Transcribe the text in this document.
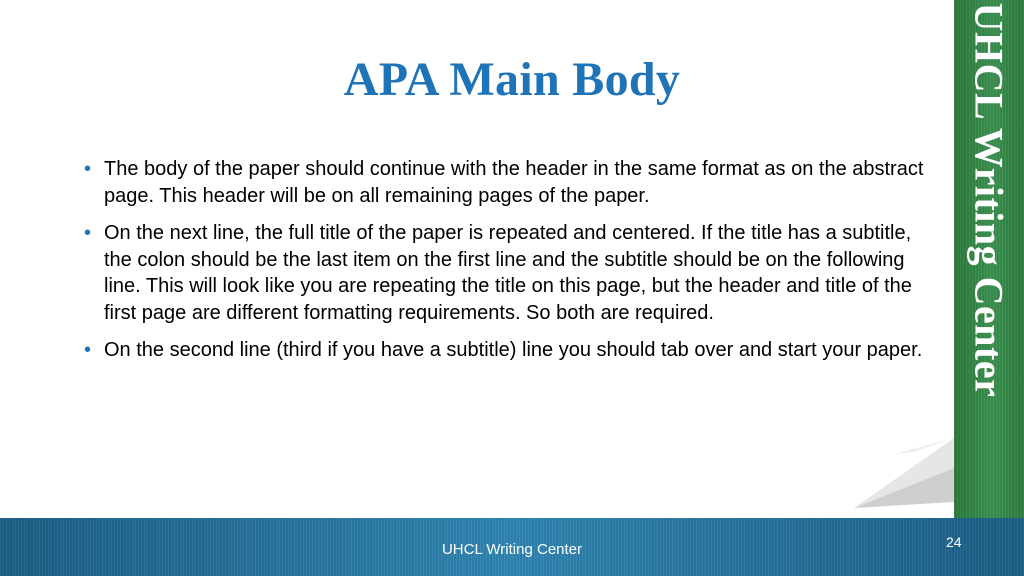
APA Main Body
• The body of the paper should continue with the header in the same format as on the abstract page. This header will be on all remaining pages of the paper.
• On the next line, the full title of the paper is repeated and centered. If the title has a subtitle, the colon should be the last item on the first line and the subtitle should be on the following line. This will look like you are repeating the title on this page, but the header and title of the first page are different formatting requirements. So both are required.
• On the second line (third if you have a subtitle) line you should tab over and start your paper.	UHCL Writing Center
UHCL Writing Center	24
